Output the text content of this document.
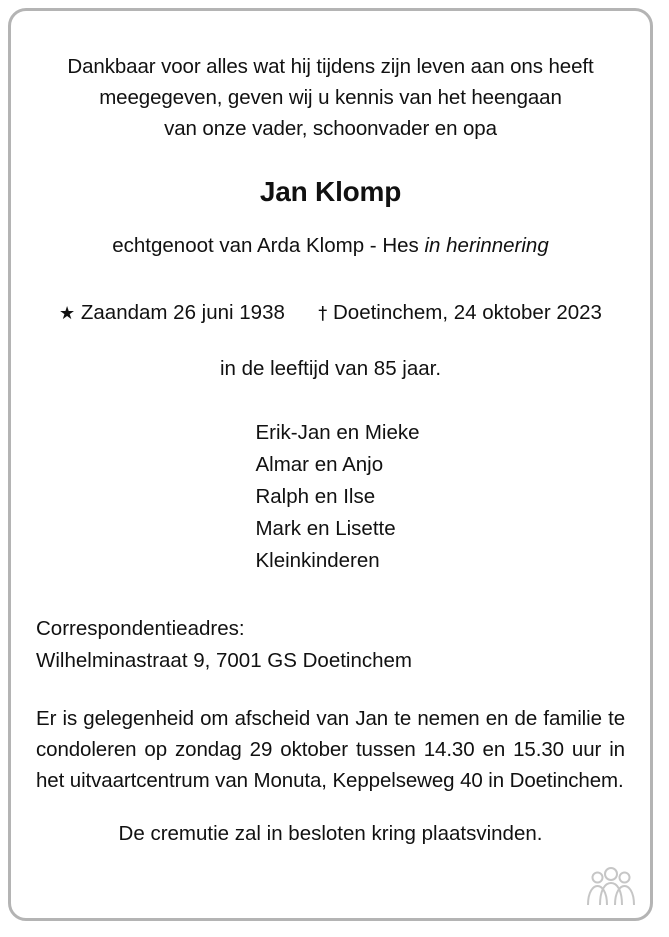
Dankbaar voor alles wat hij tijdens zijn leven aan ons heeft
meegegeven, geven wij u kennis van het heengaan
van onze vader, schoonvader en opa
Jan Klomp
echtgenoot van Arda Klomp - Hes in herinnering
★ Zaandam 26 juni 1938 † Doetinchem, 24 oktober 2023
in de leeftijd van 85 jaar.
Erik-Jan en Mieke
Almar en Anjo
Ralph en Ilse
Mark en Lisette
Kleinkinderen
Correspondentieadres:
Wilhelminastraat 9, 7001 GS Doetinchem
Er is gelegenheid om afscheid van Jan te nemen en de familie te condoleren op zondag 29 oktober tussen 14.30 en 15.30 uur in het uitvaartcentrum van Monuta, Keppelseweg 40 in Doetinchem.
De cremutie zal in besloten kring plaatsvinden.
